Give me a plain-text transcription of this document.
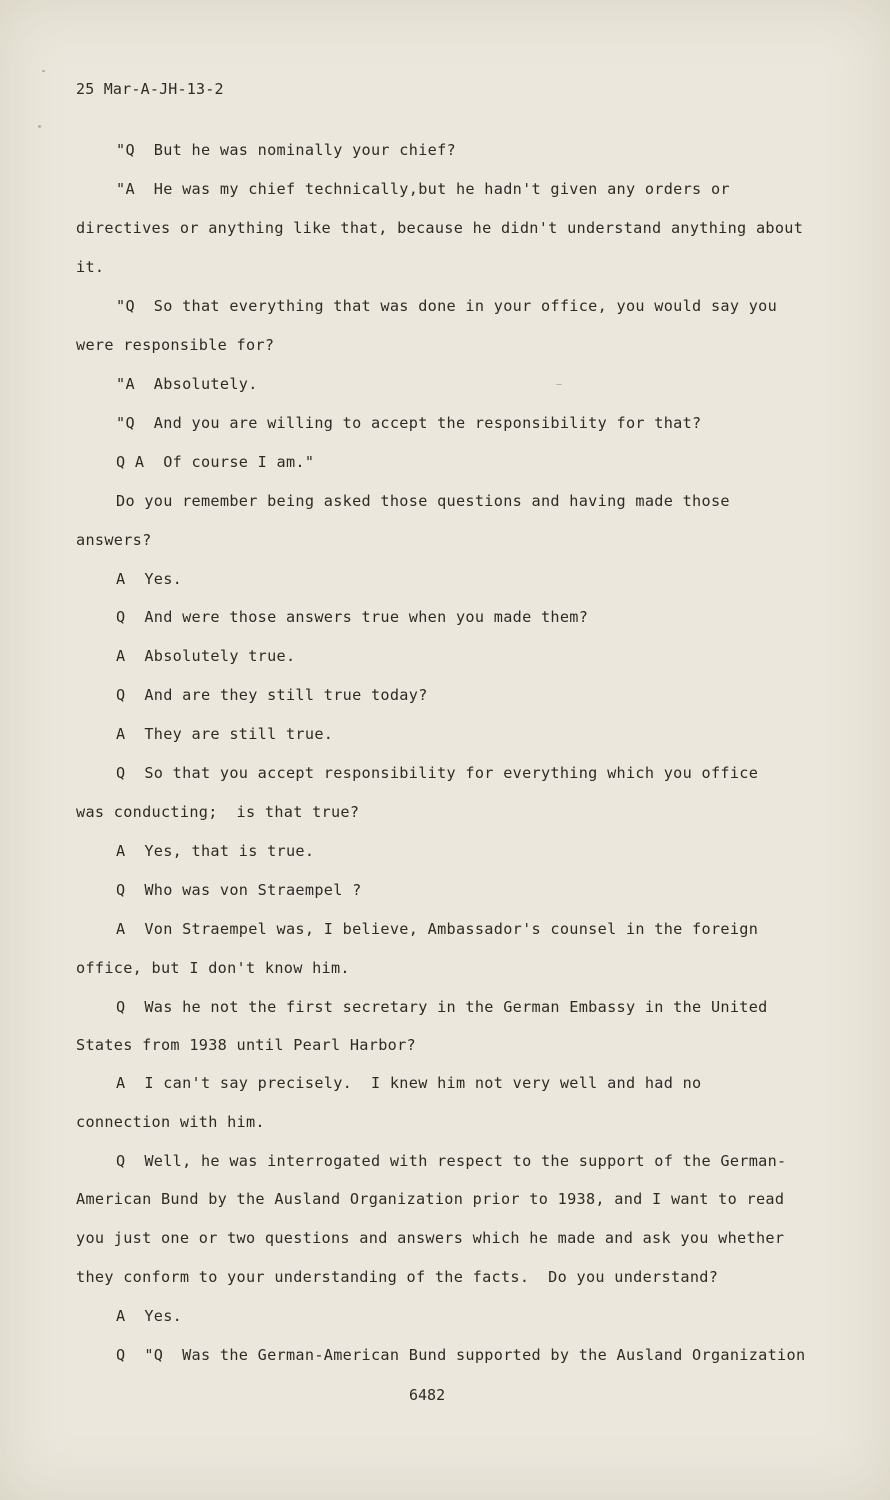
25 Mar-A-JH-13-2
"Q  But he was nominally your chief?
"A  He was my chief technically,but he hadn't given any orders or
directives or anything like that, because he didn't understand anything about
it.
"Q  So that everything that was done in your office, you would say you
were responsible for?
"A  Absolutely.
"Q  And you are willing to accept the responsibility for that?
Q A  Of course I am."
Do you remember being asked those questions and having made those
answers?
A  Yes.
Q  And were those answers true when you made them?
A  Absolutely true.
Q  And are they still true today?
A  They are still true.
Q  So that you accept responsibility for everything which you office
was conducting;  is that true?
A  Yes, that is true.
Q  Who was von Straempel ?
A  Von Straempel was, I believe, Ambassador's counsel in the foreign
office, but I don't know him.
Q  Was he not the first secretary in the German Embassy in the United
States from 1938 until Pearl Harbor?
A  I can't say precisely.  I knew him not very well and had no
connection with him.
Q  Well, he was interrogated with respect to the support of the German-
American Bund by the Ausland Organization prior to 1938, and I want to read
you just one or two questions and answers which he made and ask you whether
they conform to your understanding of the facts.  Do you understand?
A  Yes.
Q  "Q  Was the German-American Bund supported by the Ausland Organization
6482
